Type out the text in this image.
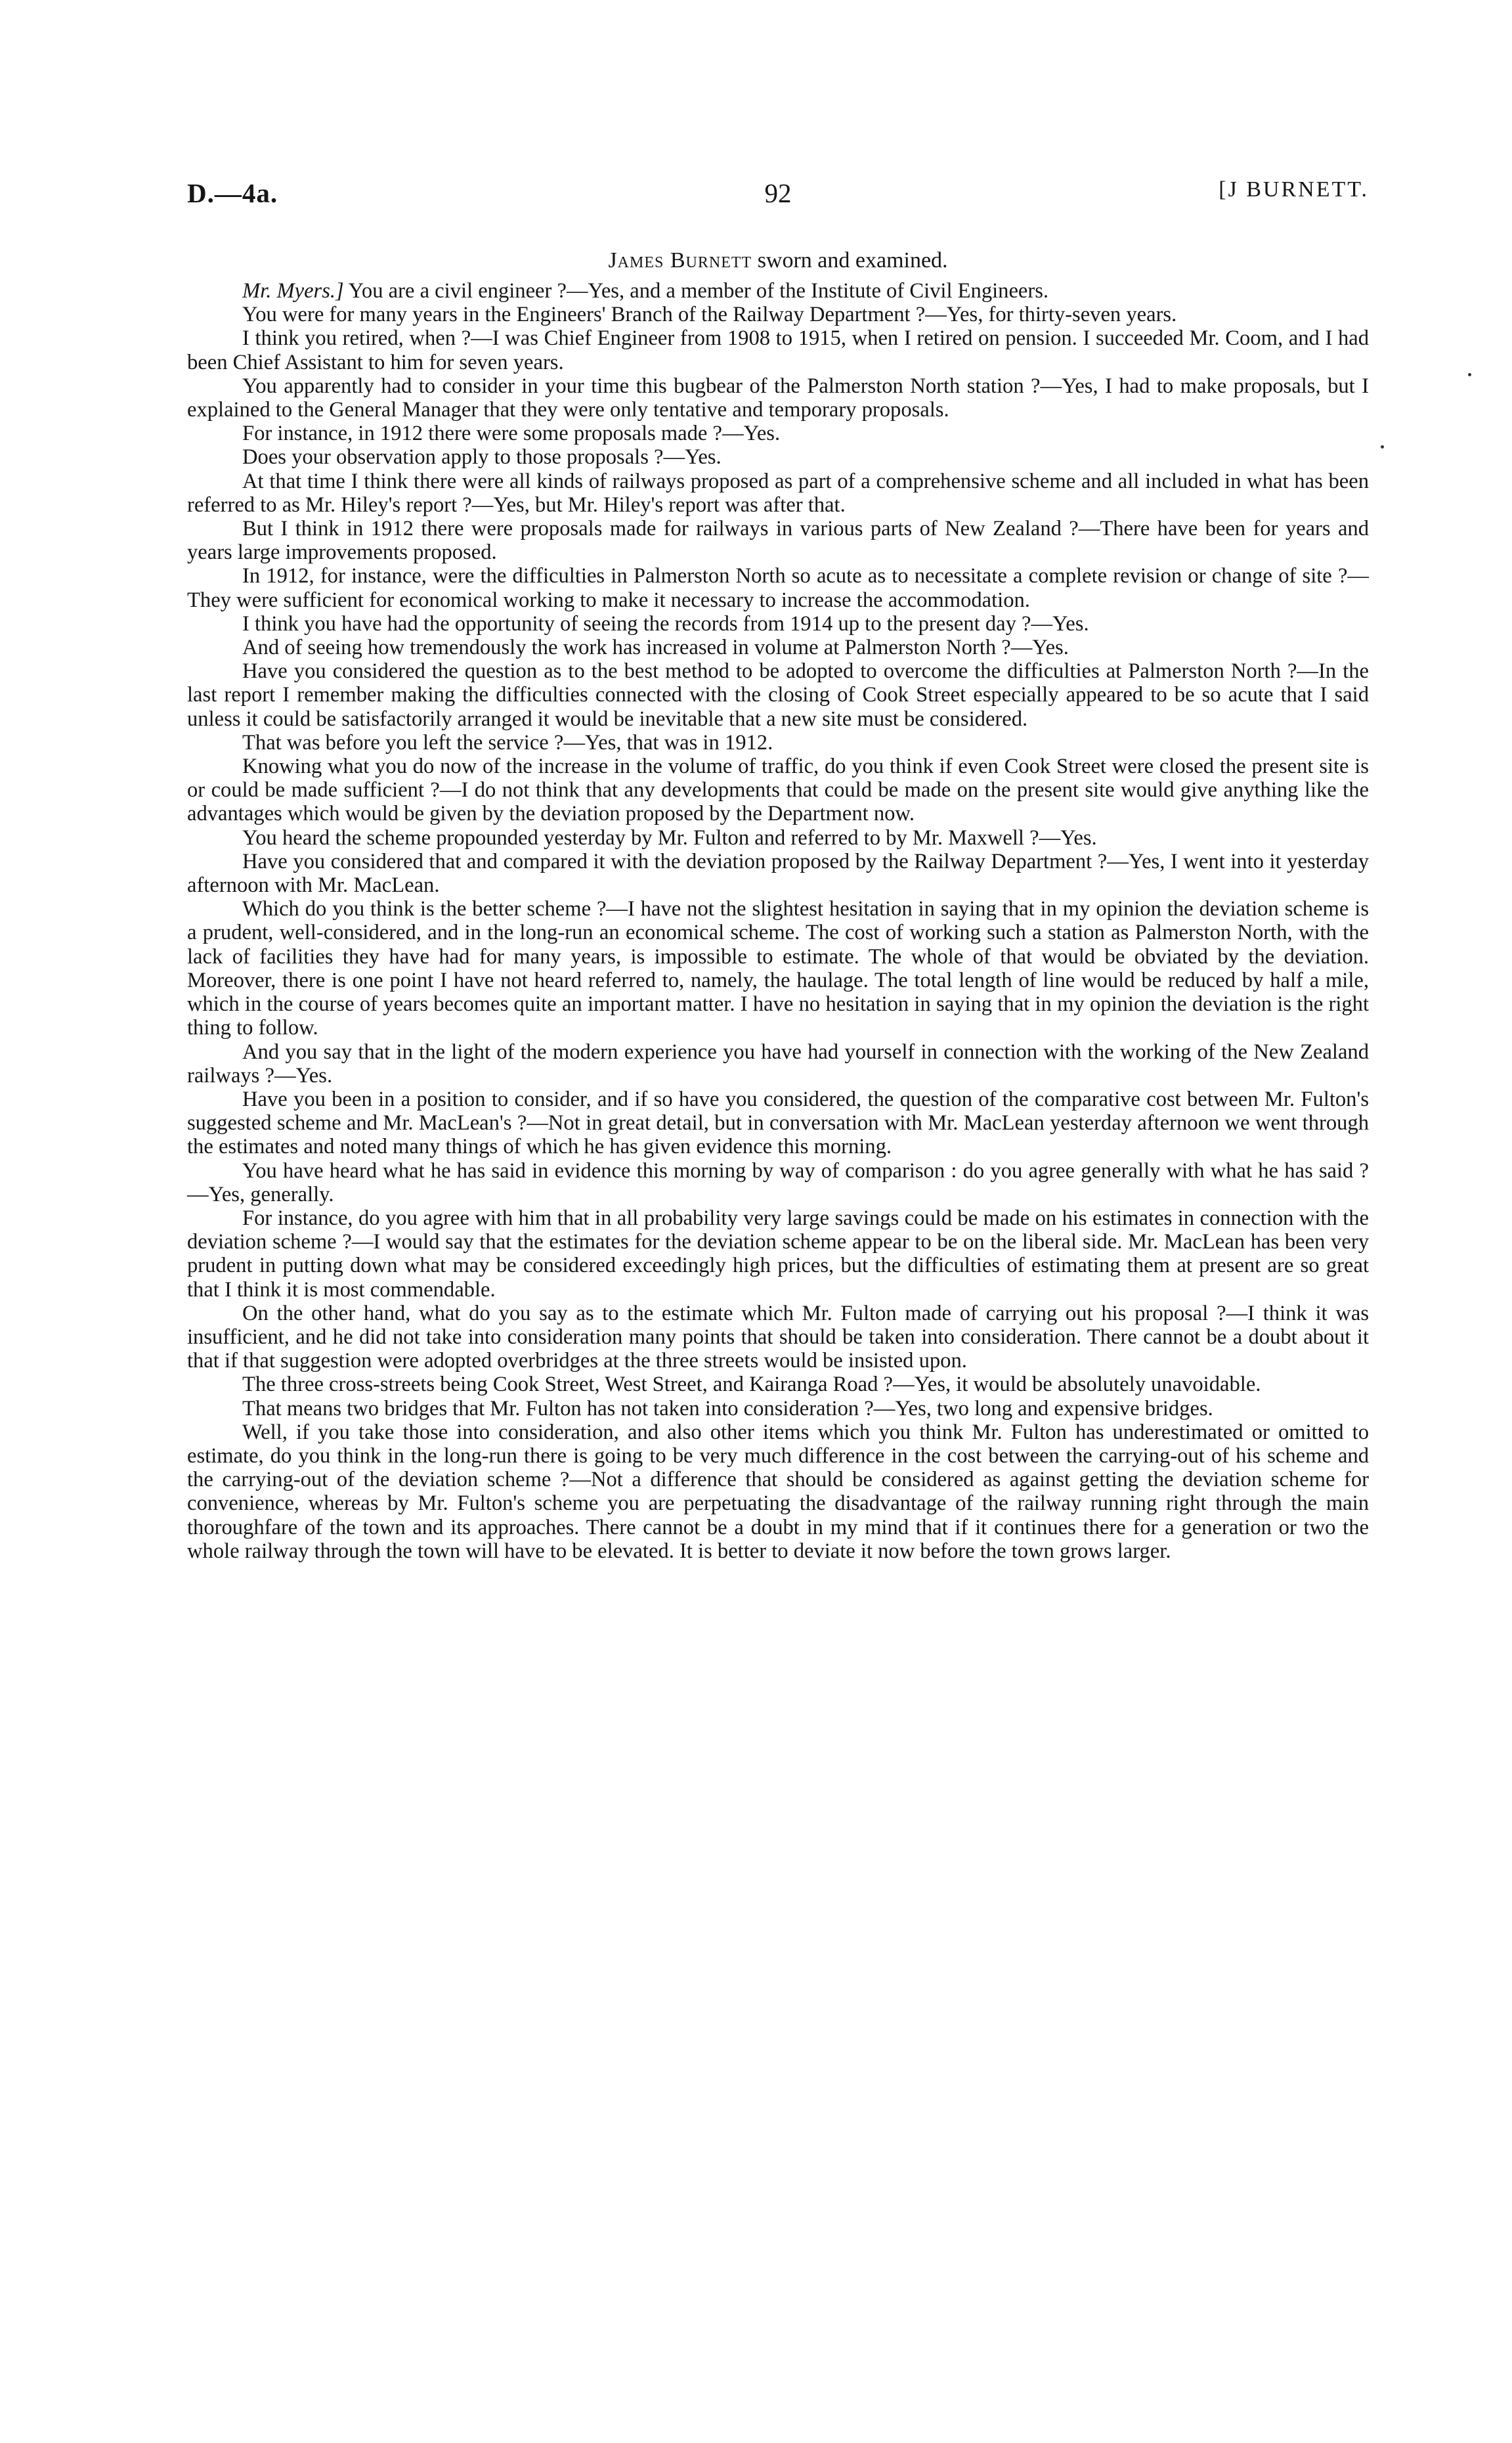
D.—4a.	92	[J BURNETT.
James Burnett sworn and examined.

Mr. Myers.] You are a civil engineer ?—Yes, and a member of the Institute of Civil Engineers.

You were for many years in the Engineers' Branch of the Railway Department ?—Yes, for thirty-seven years.

I think you retired, when ?—I was Chief Engineer from 1908 to 1915, when I retired on pension. I succeeded Mr. Coom, and I had been Chief Assistant to him for seven years.

You apparently had to consider in your time this bugbear of the Palmerston North station ?—Yes, I had to make proposals, but I explained to the General Manager that they were only tentative and temporary proposals.

For instance, in 1912 there were some proposals made ?—Yes.

Does your observation apply to those proposals ?—Yes.

At that time I think there were all kinds of railways proposed as part of a comprehensive scheme and all included in what has been referred to as Mr. Hiley's report ?—Yes, but Mr. Hiley's report was after that.

But I think in 1912 there were proposals made for railways in various parts of New Zealand ?—There have been for years and years large improvements proposed.

In 1912, for instance, were the difficulties in Palmerston North so acute as to necessitate a complete revision or change of site ?—They were sufficient for economical working to make it necessary to increase the accommodation.

I think you have had the opportunity of seeing the records from 1914 up to the present day ?—Yes.

And of seeing how tremendously the work has increased in volume at Palmerston North ?—Yes.

Have you considered the question as to the best method to be adopted to overcome the difficulties at Palmerston North ?—In the last report I remember making the difficulties connected with the closing of Cook Street especially appeared to be so acute that I said unless it could be satisfactorily arranged it would be inevitable that a new site must be considered.

That was before you left the service ?—Yes, that was in 1912.

Knowing what you do now of the increase in the volume of traffic, do you think if even Cook Street were closed the present site is or could be made sufficient ?—I do not think that any developments that could be made on the present site would give anything like the advantages which would be given by the deviation proposed by the Department now.

You heard the scheme propounded yesterday by Mr. Fulton and referred to by Mr. Maxwell ?—Yes.

Have you considered that and compared it with the deviation proposed by the Railway Department ?—Yes, I went into it yesterday afternoon with Mr. MacLean.

Which do you think is the better scheme ?—I have not the slightest hesitation in saying that in my opinion the deviation scheme is a prudent, well-considered, and in the long-run an economical scheme. The cost of working such a station as Palmerston North, with the lack of facilities they have had for many years, is impossible to estimate. The whole of that would be obviated by the deviation. Moreover, there is one point I have not heard referred to, namely, the haulage. The total length of line would be reduced by half a mile, which in the course of years becomes quite an important matter. I have no hesitation in saying that in my opinion the deviation is the right thing to follow.

And you say that in the light of the modern experience you have had yourself in connection with the working of the New Zealand railways ?—Yes.

Have you been in a position to consider, and if so have you considered, the question of the comparative cost between Mr. Fulton's suggested scheme and Mr. MacLean's ?—Not in great detail, but in conversation with Mr. MacLean yesterday afternoon we went through the estimates and noted many things of which he has given evidence this morning.

You have heard what he has said in evidence this morning by way of comparison : do you agree generally with what he has said ?—Yes, generally.

For instance, do you agree with him that in all probability very large savings could be made on his estimates in connection with the deviation scheme ?—I would say that the estimates for the deviation scheme appear to be on the liberal side. Mr. MacLean has been very prudent in putting down what may be considered exceedingly high prices, but the difficulties of estimating them at present are so great that I think it is most commendable.

On the other hand, what do you say as to the estimate which Mr. Fulton made of carrying out his proposal ?—I think it was insufficient, and he did not take into consideration many points that should be taken into consideration. There cannot be a doubt about it that if that suggestion were adopted overbridges at the three streets would be insisted upon.

The three cross-streets being Cook Street, West Street, and Kairanga Road ?—Yes, it would be absolutely unavoidable.

That means two bridges that Mr. Fulton has not taken into consideration ?—Yes, two long and expensive bridges.

Well, if you take those into consideration, and also other items which you think Mr. Fulton has underestimated or omitted to estimate, do you think in the long-run there is going to be very much difference in the cost between the carrying-out of his scheme and the carrying-out of the deviation scheme ?—Not a difference that should be considered as against getting the deviation scheme for convenience, whereas by Mr. Fulton's scheme you are perpetuating the disadvantage of the railway running right through the main thoroughfare of the town and its approaches. There cannot be a doubt in my mind that if it continues there for a generation or two the whole railway through the town will have to be elevated. It is better to deviate it now before the town grows larger.
